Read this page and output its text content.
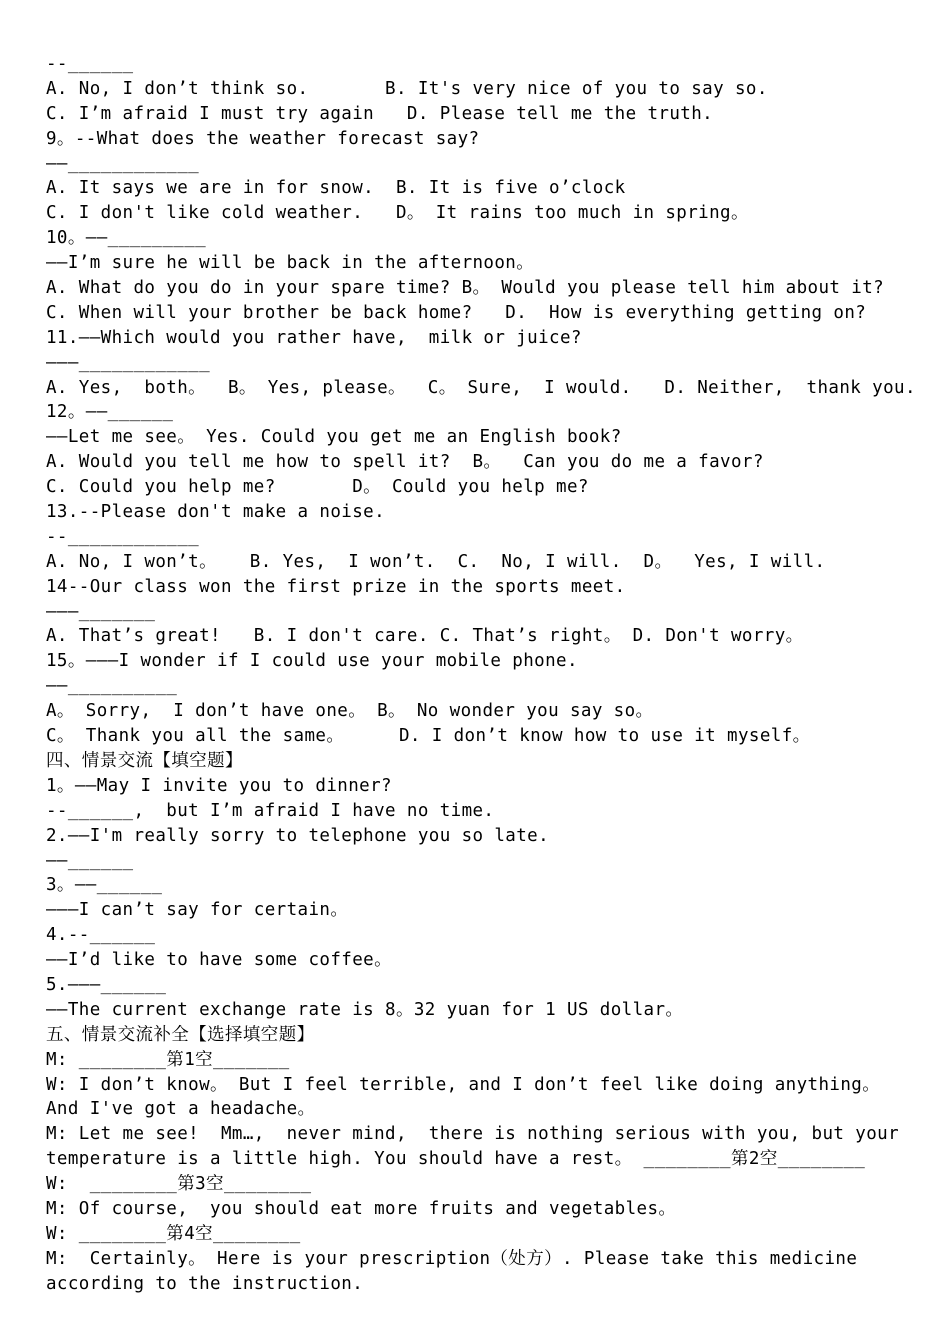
--______
A. No, I don’t think so.       B. It's very nice of you to say so.
C. I’m afraid I must try again   D. Please tell me the truth.
9。--What does the weather forecast say?
——____________
A. It says we are in for snow.  B. It is five o’clock
C. I don't like cold weather.   D。 It rains too much in spring。
10。——_________
——I’m sure he will be back in the afternoon。
A. What do you do in your spare time? B。 Would you please tell him about it?
C. When will your brother be back home?   D.  How is everything getting on?
11.——Which would you rather have,  milk or juice?
———____________
A. Yes,  both。  B。 Yes, please。  C。 Sure,  I would.   D. Neither,  thank you.
12。——______
——Let me see。 Yes. Could you get me an English book?
A. Would you tell me how to spell it?  B。  Can you do me a favor?
C. Could you help me?       D。 Could you help me?
13.--Please don't make a noise.
--____________
A. No, I won’t。   B. Yes,  I won’t.  C.  No, I will.  D。  Yes, I will.
14--Our class won the first prize in the sports meet.
———_______
A. That’s great!   B. I don't care. C. That’s right。 D. Don't worry。
15。———I wonder if I could use your mobile phone.
——__________
A。 Sorry,  I don’t have one。 B。 No wonder you say so。
C。 Thank you all the same。     D. I don’t know how to use it myself。
四、情景交流【填空题】
1。——May I invite you to dinner?
--______,  but I’m afraid I have no time.
2.——I'm really sorry to telephone you so late.
——______
3。——______
———I can’t say for certain。
4.--______
——I’d like to have some coffee。
5.———______
——The current exchange rate is 8。32 yuan for 1 US dollar。
五、情景交流补全【选择填空题】
M: ________第1空_______
W: I don’t know。 But I feel terrible, and I don’t feel like doing anything。
And I've got a headache。
M: Let me see!  Mm…,  never mind,  there is nothing serious with you, but your
temperature is a little high. You should have a rest。 ________第2空________
W:  ________第3空________
M: Of course,  you should eat more fruits and vegetables。
W: ________第4空________
M:  Certainly。 Here is your prescription（处方）. Please take this medicine
according to the instruction.
